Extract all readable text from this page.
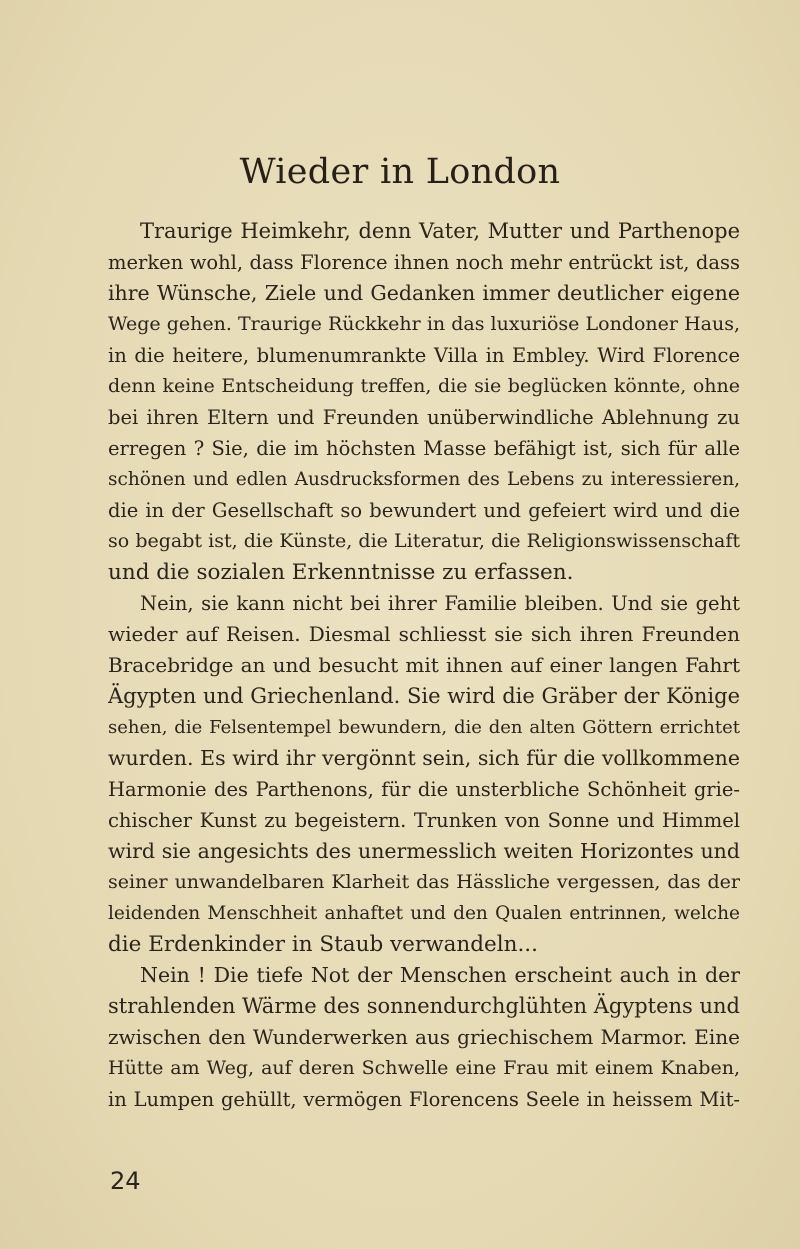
Wieder in London
Traurige Heimkehr, denn Vater, Mutter und Parthenope
merken wohl, dass Florence ihnen noch mehr entrückt ist, dass
ihre Wünsche, Ziele und Gedanken immer deutlicher eigene
Wege gehen. Traurige Rückkehr in das luxuriöse Londoner Haus,
in die heitere, blumenumrankte Villa in Embley. Wird Florence
denn keine Entscheidung treffen, die sie beglücken könnte, ohne
bei ihren Eltern und Freunden unüberwindliche Ablehnung zu
erregen ? Sie, die im höchsten Masse befähigt ist, sich für alle
schönen und edlen Ausdrucksformen des Lebens zu interessieren,
die in der Gesellschaft so bewundert und gefeiert wird und die
so begabt ist, die Künste, die Literatur, die Religionswissenschaft
und die sozialen Erkenntnisse zu erfassen.
Nein, sie kann nicht bei ihrer Familie bleiben. Und sie geht
wieder auf Reisen. Diesmal schliesst sie sich ihren Freunden
Bracebridge an und besucht mit ihnen auf einer langen Fahrt
Ägypten und Griechenland. Sie wird die Gräber der Könige
sehen, die Felsentempel bewundern, die den alten Göttern errichtet
wurden. Es wird ihr vergönnt sein, sich für die vollkommene
Harmonie des Parthenons, für die unsterbliche Schönheit grie-
chischer Kunst zu begeistern. Trunken von Sonne und Himmel
wird sie angesichts des unermesslich weiten Horizontes und
seiner unwandelbaren Klarheit das Hässliche vergessen, das der
leidenden Menschheit anhaftet und den Qualen entrinnen, welche
die Erdenkinder in Staub verwandeln...
Nein ! Die tiefe Not der Menschen erscheint auch in der
strahlenden Wärme des sonnendurchglühten Ägyptens und
zwischen den Wunderwerken aus griechischem Marmor. Eine
Hütte am Weg, auf deren Schwelle eine Frau mit einem Knaben,
in Lumpen gehüllt, vermögen Florencens Seele in heissem Mit-
24
